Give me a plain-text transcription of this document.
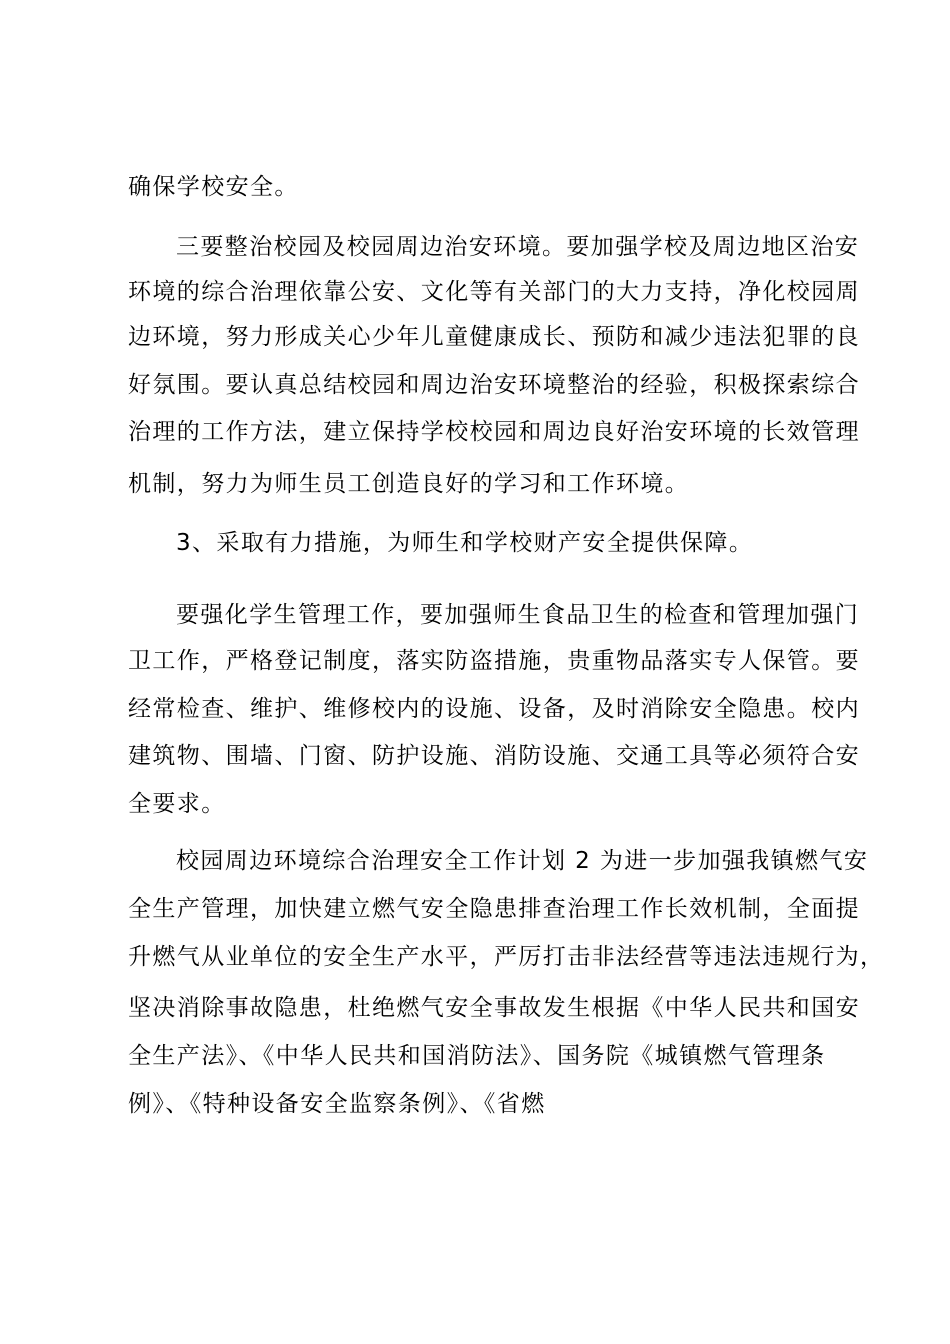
确保学校安全。

三要整治校园及校园周边治安环境。要加强学校及周边地区治安

环境的综合治理依靠公安、文化等有关部门的大力支持，净化校园周

边环境，努力形成关心少年儿童健康成长、预防和减少违法犯罪的良

好氛围。要认真总结校园和周边治安环境整治的经验，积极探索综合

治理的工作方法，建立保持学校校园和周边良好治安环境的长效管理

机制，努力为师生员工创造良好的学习和工作环境。

3、采取有力措施，为师生和学校财产安全提供保障。

要强化学生管理工作，要加强师生食品卫生的检查和管理加强门

卫工作，严格登记制度，落实防盗措施，贵重物品落实专人保管。要

经常检查、维护、维修校内的设施、设备，及时消除安全隐患。校内

建筑物、围墙、门窗、防护设施、消防设施、交通工具等必须符合安

全要求。

校园周边环境综合治理安全工作计划 2 为进一步加强我镇燃气安

全生产管理，加快建立燃气安全隐患排查治理工作长效机制，全面提

升燃气从业单位的安全生产水平，严厉打击非法经营等违法违规行为，

坚决消除事故隐患，杜绝燃气安全事故发生根据《中华人民共和国安

全生产法》、《中华人民共和国消防法》、国务院《城镇燃气管理条

例》、《特种设备安全监察条例》、《省燃
